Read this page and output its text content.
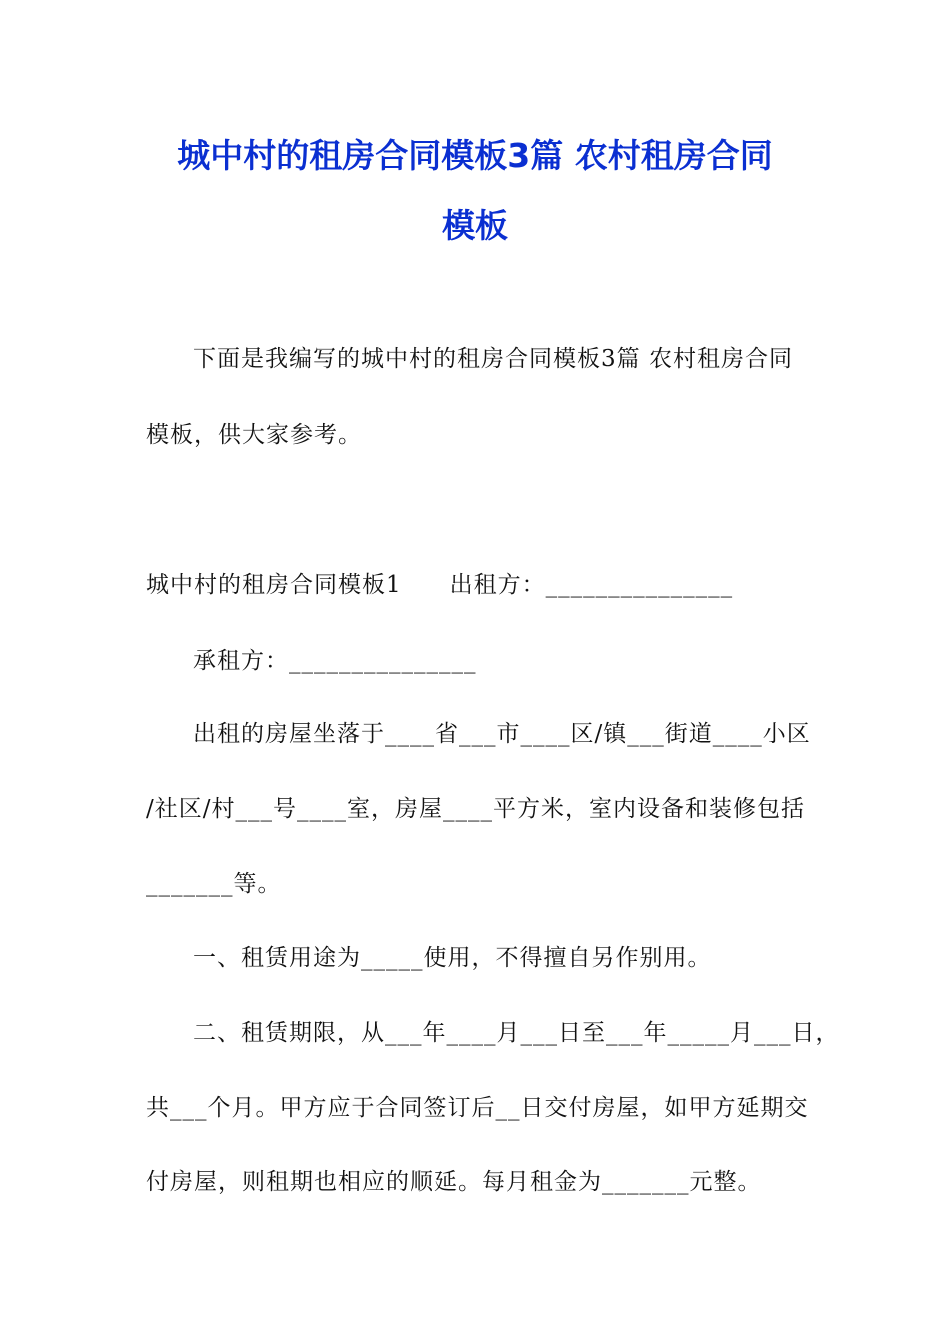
城中村的租房合同模板3篇 农村租房合同
模板
下面是我编写的城中村的租房合同模板3篇 农村租房合同
模板，供大家参考。
城中村的租房合同模板1　　出租方：_______________
承租方：_______________
出租的房屋坐落于____省___市____区/镇___街道____小区
/社区/村___号____室，房屋____平方米，室内设备和装修包括
_______等。
一、租赁用途为_____使用，不得擅自另作别用。
二、租赁期限，从___年____月___日至___年_____月___日，
共___个月。甲方应于合同签订后__日交付房屋，如甲方延期交
付房屋，则租期也相应的顺延。每月租金为_______元整。
